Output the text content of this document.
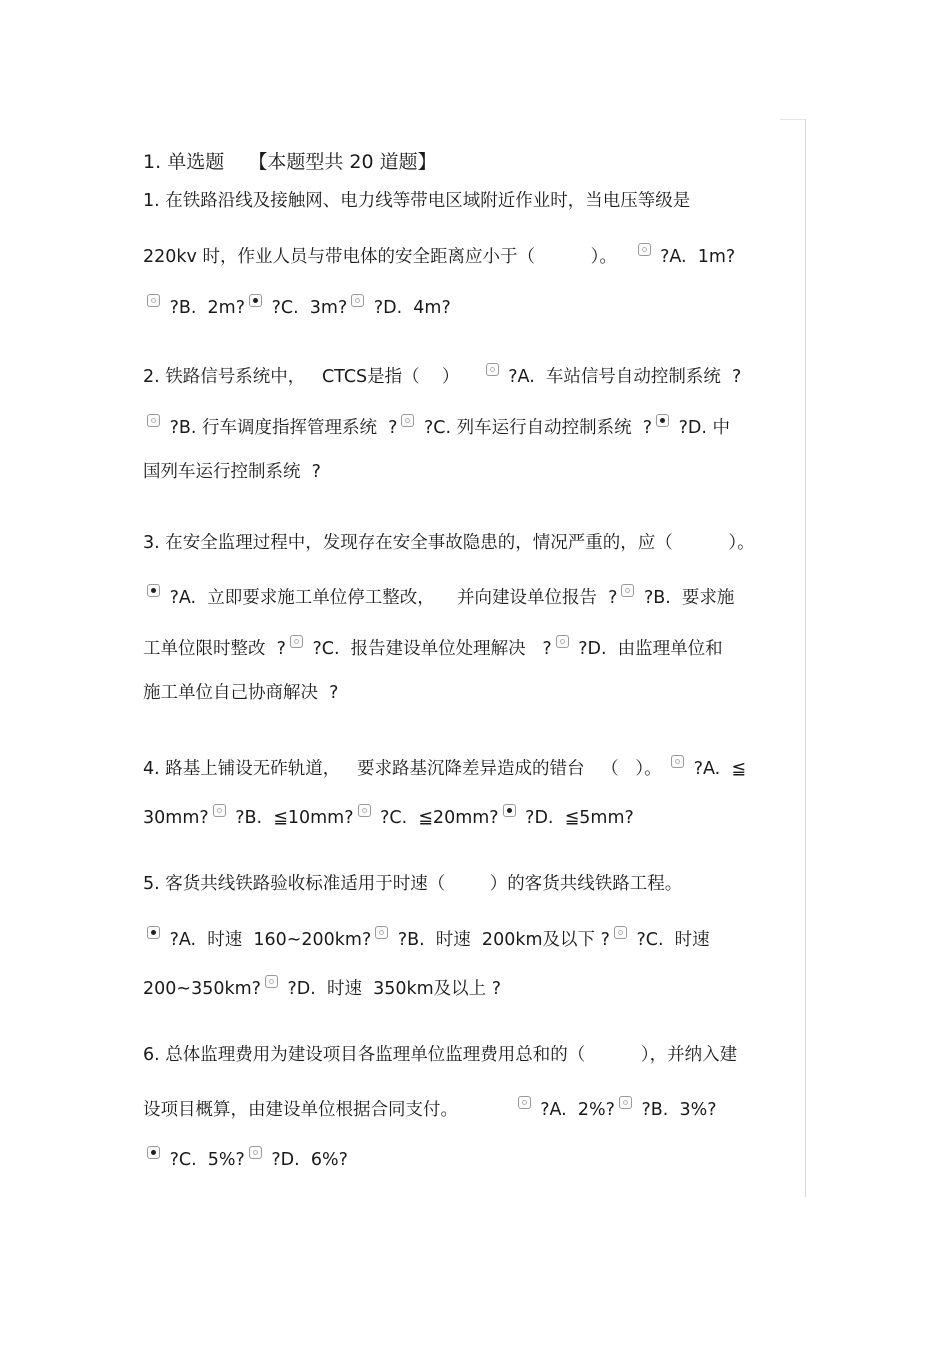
1. 单选题 【本题型共 20 道题】
1. 在铁路沿线及接触网、电力线等带电区域附近作业时，当电压等级是
220kv 时，作业人员与带电体的安全距离应小于（          ）。    ?A.  1m?
?B.  2m? ?C.  3m? ?D.  4m?
2. 铁路信号系统中，   CTCS是指（    ）     ?A.  车站信号自动控制系统  ?
?B. 行车调度指挥管理系统  ? ?C. 列车运行自动控制系统  ? ?D. 中
国列车运行控制系统  ?
3. 在安全监理过程中，发现存在安全事故隐患的，情况严重的，应（          ）。
?A.  立即要求施工单位停工整改，    并向建设单位报告  ? ?B.  要求施
工单位限时整改  ? ?C.  报告建设单位处理解决   ? ?D.  由监理单位和
施工单位自己协商解决  ?
4. 路基上铺设无砟轨道，   要求路基沉降差异造成的错台   （   ）。  ?A.  ≦
30mm? ?B.  ≦10mm? ?C.  ≦20mm? ?D.  ≦5mm?
5. 客货共线铁路验收标准适用于时速（        ）的客货共线铁路工程。
?A.  时速  160~200km? ?B.  时速  200km及以下 ? ?C.  时速
200~350km? ?D.  时速  350km及以上 ?
6. 总体监理费用为建设项目各监理单位监理费用总和的（          ），并纳入建
设项目概算，由建设单位根据合同支付。	?A.  2%? ?B.  3%?
?C.  5%? ?D.  6%?
